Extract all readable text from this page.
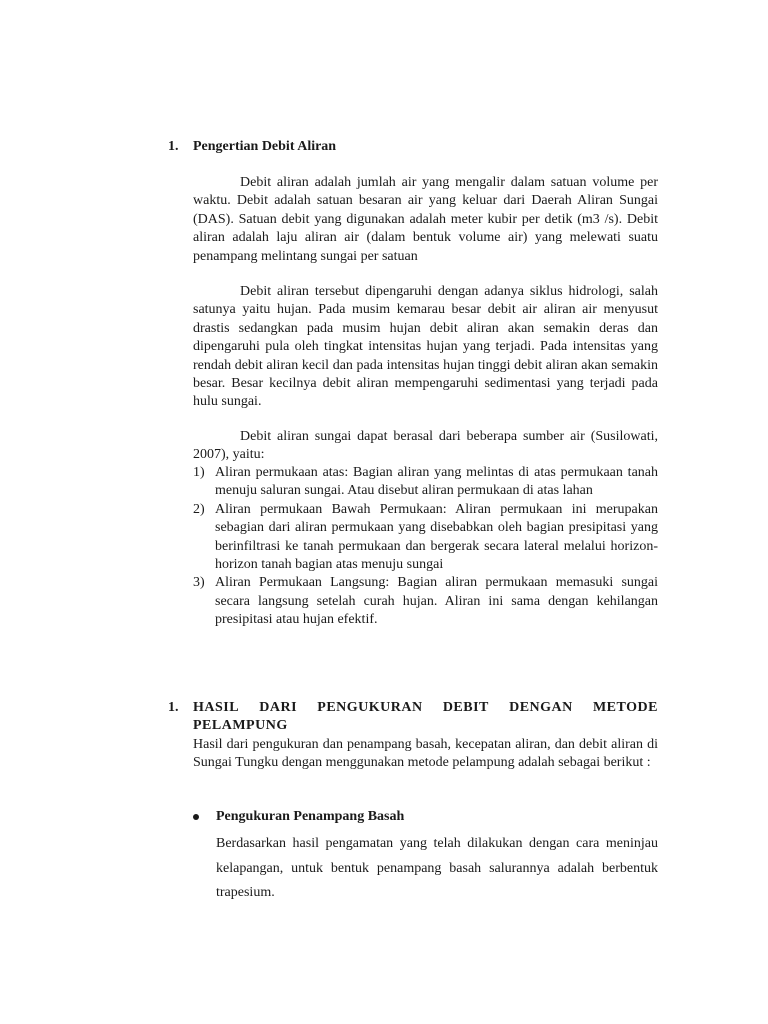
1. Pengertian Debit Aliran

Debit aliran adalah jumlah air yang mengalir dalam satuan volume per waktu. Debit adalah satuan besaran air yang keluar dari Daerah Aliran Sungai (DAS). Satuan debit yang digunakan adalah meter kubir per detik (m3 /s). Debit aliran adalah laju aliran air (dalam bentuk volume air) yang melewati suatu penampang melintang sungai per satuan

Debit aliran tersebut dipengaruhi dengan adanya siklus hidrologi, salah satunya yaitu hujan. Pada musim kemarau besar debit air aliran air menyusut drastis sedangkan pada musim hujan debit aliran akan semakin deras dan dipengaruhi pula oleh tingkat intensitas hujan yang terjadi. Pada intensitas yang rendah debit aliran kecil dan pada intensitas hujan tinggi debit aliran akan semakin besar. Besar kecilnya debit aliran mempengaruhi sedimentasi yang terjadi pada hulu sungai.

Debit aliran sungai dapat berasal dari beberapa sumber air (Susilowati, 2007), yaitu:

1) Aliran permukaan atas: Bagian aliran yang melintas di atas permukaan tanah menuju saluran sungai. Atau disebut aliran permukaan di atas lahan
2) Aliran permukaan Bawah Permukaan: Aliran permukaan ini merupakan sebagian dari aliran permukaan yang disebabkan oleh bagian presipitasi yang berinfiltrasi ke tanah permukaan dan bergerak secara lateral melalui horizon-horizon tanah bagian atas menuju sungai
3) Aliran Permukaan Langsung: Bagian aliran permukaan memasuki sungai secara langsung setelah curah hujan. Aliran ini sama dengan kehilangan presipitasi atau hujan efektif.
1. HASIL DARI PENGUKURAN DEBIT DENGAN METODE
PELAMPUNG

Hasil dari pengukuran dan penampang basah, kecepatan aliran, dan debit aliran di Sungai Tungku dengan menggunakan metode pelampung adalah sebagai berikut :

Pengukuran Penampang Basah

Berdasarkan hasil pengamatan yang telah dilakukan dengan cara meninjau kelapangan, untuk bentuk penampang basah salurannya adalah berbentuk trapesium.
